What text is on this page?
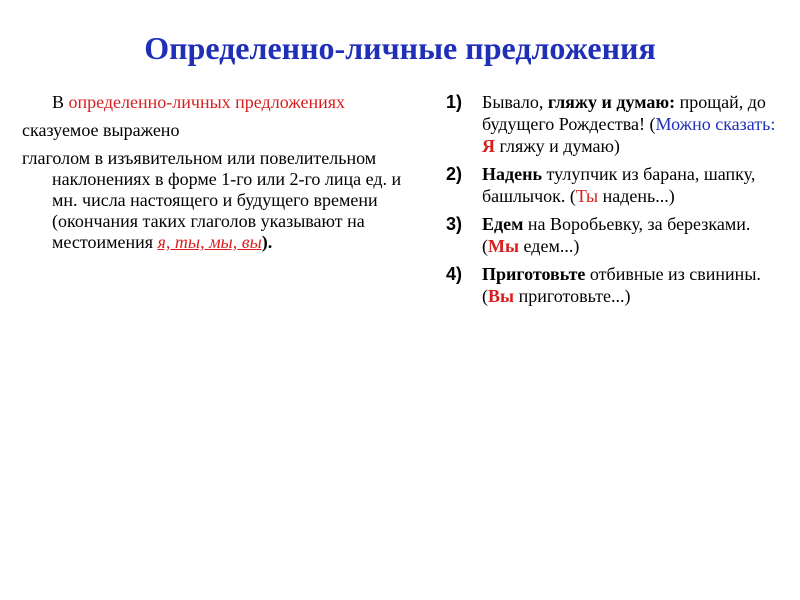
Определенно-личные предложения

В определенно-личных предложениях

сказуемое выражено

глаголом в изъявительном или повелительном наклонениях в форме 1-го или 2-го лица ед. и мн. числа настоящего и будущего времени (окончания таких глаголов указывают на местоимения я, ты, мы, вы).

1) Бывало, гляжу и думаю: прощай, до будущего Рождества! (Можно сказать: Я гляжу и думаю)
2) Надень тулупчик из барана, шапку, башлычок. (Ты надень...)
3) Едем на Воробьевку, за березками. (Мы едем...)
4) Приготовьте отбивные из свинины. (Вы приготовьте...)
